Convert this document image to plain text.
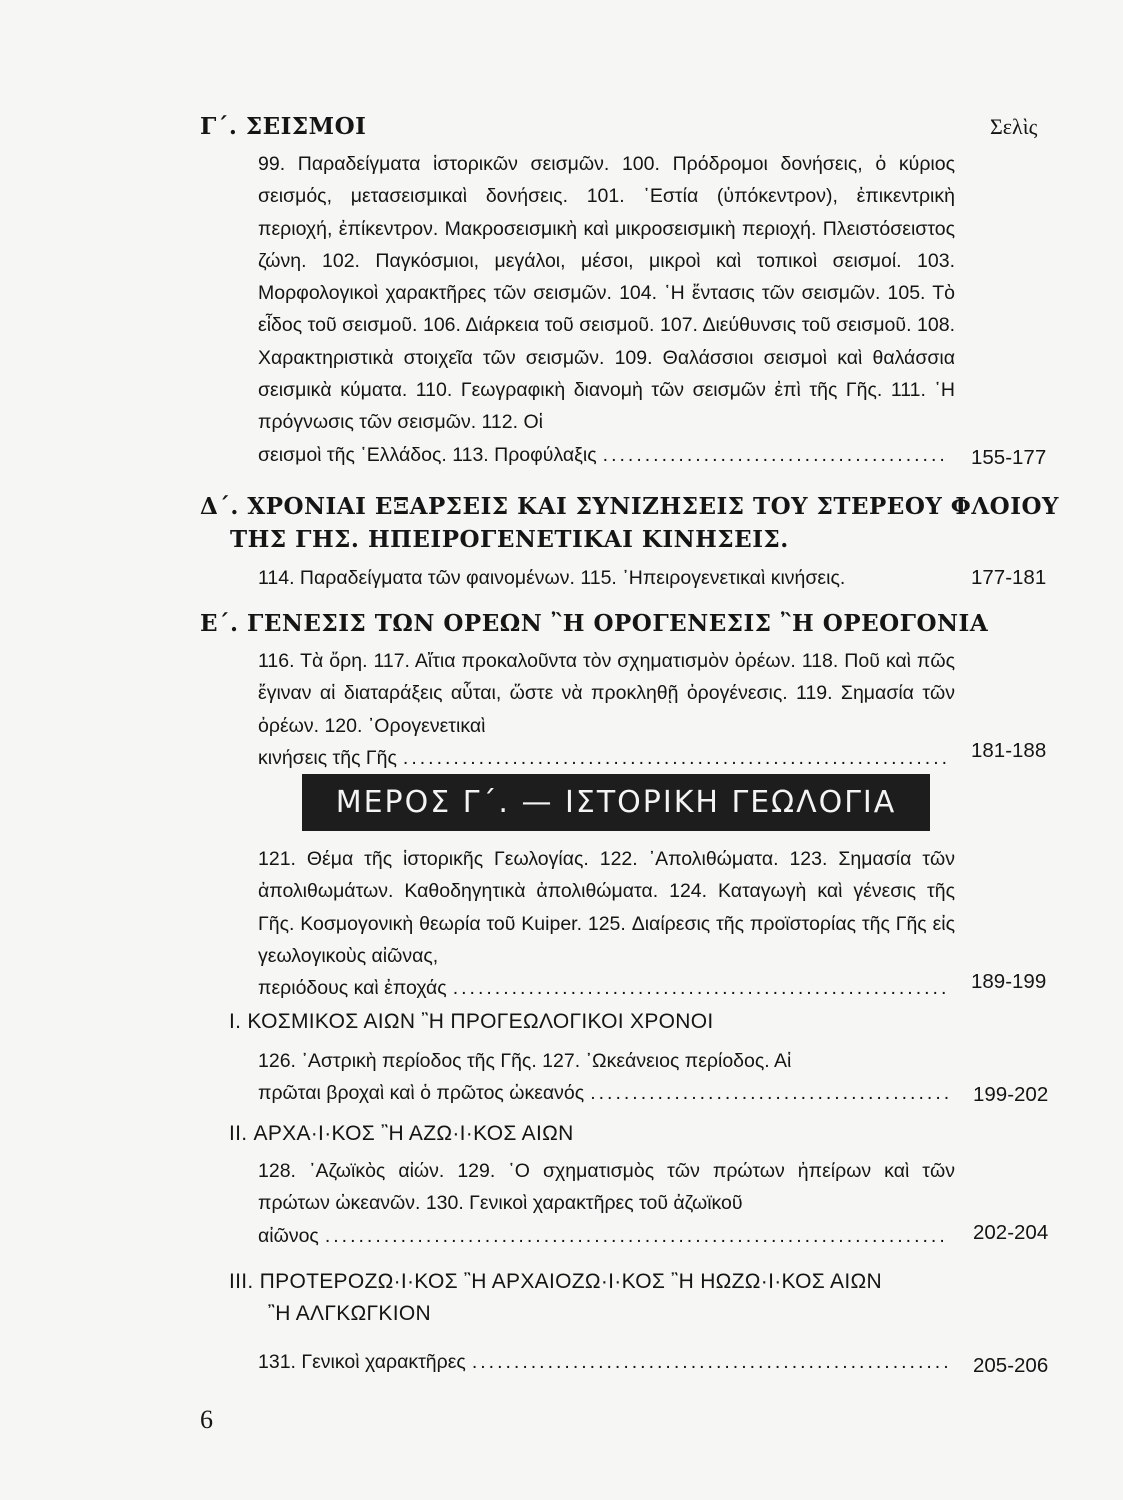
Γ΄. ΣΕΙΣΜΟΙ	Σελὶς
99. Παραδείγματα ἱστορικῶν σεισμῶν. 100. Πρόδρομοι δονήσεις, ὁ κύριος σεισμός, μετασεισμικαὶ δονήσεις. 101. ῾Εστία (ὑπόκεντρον), ἐπικεντρικὴ περιοχή, ἐπίκεντρον. Μακροσεισμικὴ καὶ μικροσεισμικὴ περιοχή. Πλειστόσειστος ζώνη. 102. Παγκόσμιοι, μεγάλοι, μέσοι, μικροὶ καὶ τοπικοὶ σεισμοί. 103. Μορφολογικοὶ χαρακτῆρες τῶν σεισμῶν. 104. ῾Η ἔντασις τῶν σεισμῶν. 105. Τὸ εἶδος τοῦ σεισμοῦ. 106. Διάρκεια τοῦ σεισμοῦ. 107. Διεύθυνσις τοῦ σεισμοῦ. 108. Χαρακτηριστικὰ στοιχεῖα τῶν σεισμῶν. 109. Θαλάσσιοι σεισμοὶ καὶ θαλάσσια σεισμικὰ κύματα. 110. Γεωγραφικὴ διανομὴ τῶν σεισμῶν ἐπὶ τῆς Γῆς. 111. ῾Η πρόγνωσις τῶν σεισμῶν. 112. Οἱ
σεισμοὶ τῆς ῾Ελλάδος. 113. Προφύλαξις .....	155-177
Δ΄. ΧΡΟΝΙΑΙ ΕΞΑΡΣΕΙΣ ΚΑΙ ΣΥΝΙΖΗΣΕΙΣ ΤΟΥ ΣΤΕΡΕΟΥ ΦΛΟΙΟΥ
ΤΗΣ ΓΗΣ. ΗΠΕΙΡΟΓΕΝΕΤΙΚΑΙ ΚΙΝΗΣΕΙΣ.
114. Παραδείγματα τῶν φαινομένων. 115. ᾿Ηπειρογενετικαὶ κινήσεις.	177-181
Ε΄. ΓΕΝΕΣΙΣ ΤΩΝ ΟΡΕΩΝ ῍Η ΟΡΟΓΕΝΕΣΙΣ ῍Η ΟΡΕΟΓΟΝΙΑ
116. Τὰ ὄρη. 117. Αἴτια προκαλοῦντα τὸν σχηματισμὸν ὀρέων. 118. Ποῦ καὶ πῶς ἔγιναν αἱ διαταράξεις αὗται, ὥστε νὰ προκληθῇ ὀρογένεσις. 119. Σημασία τῶν ὀρέων. 120. ᾿Ορογενετικαὶ
κινήσεις τῆς Γῆς .....	181-188
ΜΕΡΟΣ Γ΄. — ΙΣΤΟΡΙΚΗ ΓΕΩΛΟΓΙΑ
121. Θέμα τῆς ἱστορικῆς Γεωλογίας. 122. ᾿Απολιθώματα. 123. Σημασία τῶν ἀπολιθωμάτων. Καθοδηγητικὰ ἀπολιθώματα. 124. Καταγωγὴ καὶ γένεσις τῆς Γῆς. Κοσμογονικὴ θεωρία τοῦ Kuiper. 125. Διαίρεσις τῆς προϊστορίας τῆς Γῆς εἰς γεωλογικοὺς αἰῶνας,
περιόδους καὶ ἐποχάς .....	189-199
I. ΚΟΣΜΙΚΟΣ ΑΙΩΝ ῍Η ΠΡΟΓΕΩΛΟΓΙΚΟΙ ΧΡΟΝΟΙ
126. ᾿Αστρικὴ περίοδος τῆς Γῆς. 127. ᾿Ωκεάνειος περίοδος. Αἱ
πρῶται βροχαὶ καὶ ὁ πρῶτος ὠκεανός .....	199-202
II. ΑΡΧΑ·Ι·ΚΟΣ ῍Η ΑΖΩ·Ι·ΚΟΣ ΑΙΩΝ
128. ᾿Αζωϊκὸς αἰών. 129. ῾Ο σχηματισμὸς τῶν πρώτων ἠπείρων καὶ τῶν πρώτων ὠκεανῶν. 130. Γενικοὶ χαρακτῆρες τοῦ ἀζωϊκοῦ
αἰῶνος .....	202-204
III. ΠΡΟΤΕΡΟΖΩ·Ι·ΚΟΣ ῍Η ΑΡΧΑΙΟΖΩ·Ι·ΚΟΣ ῍Η ΗΩΖΩ·Ι·ΚΟΣ ΑΙΩΝ
῍Η ΑΛΓΚΩΓΚΙΟΝ
131. Γενικοὶ χαρακτῆρες .....	205-206
6
